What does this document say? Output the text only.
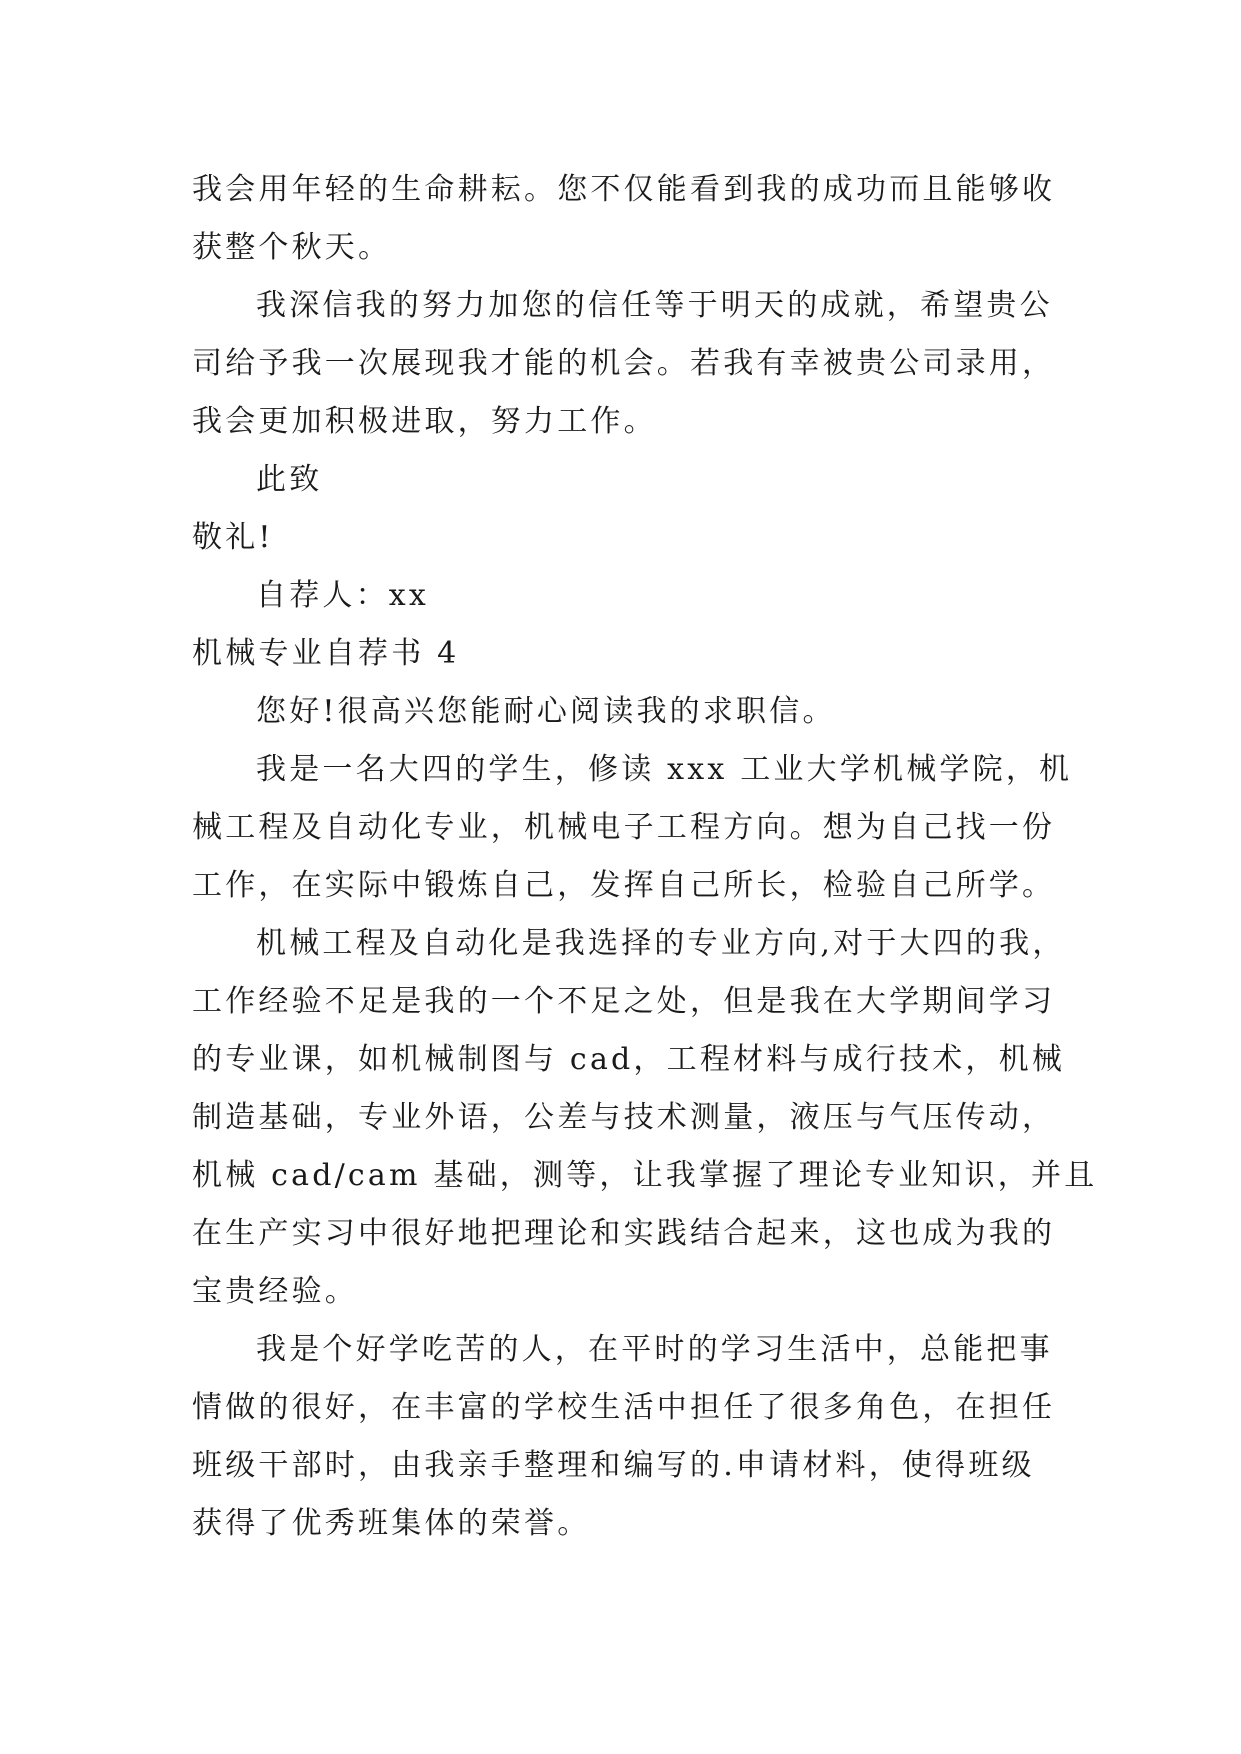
我会用年轻的生命耕耘。您不仅能看到我的成功而且能够收
获整个秋天。
我深信我的努力加您的信任等于明天的成就，希望贵公
司给予我一次展现我才能的机会。若我有幸被贵公司录用，
我会更加积极进取，努力工作。
此致
敬礼!
自荐人：xx
机械专业自荐书 4
您好!很高兴您能耐心阅读我的求职信。
我是一名大四的学生，修读 xxx 工业大学机械学院，机
械工程及自动化专业，机械电子工程方向。想为自己找一份
工作，在实际中锻炼自己，发挥自己所长，检验自己所学。
机械工程及自动化是我选择的专业方向,对于大四的我，
工作经验不足是我的一个不足之处，但是我在大学期间学习
的专业课，如机械制图与 cad，工程材料与成行技术，机械
制造基础，专业外语，公差与技术测量，液压与气压传动，
机械 cad/cam 基础，测等，让我掌握了理论专业知识，并且
在生产实习中很好地把理论和实践结合起来，这也成为我的
宝贵经验。
我是个好学吃苦的人，在平时的学习生活中，总能把事
情做的很好，在丰富的学校生活中担任了很多角色，在担任
班级干部时，由我亲手整理和编写的.申请材料，使得班级
获得了优秀班集体的荣誉。
